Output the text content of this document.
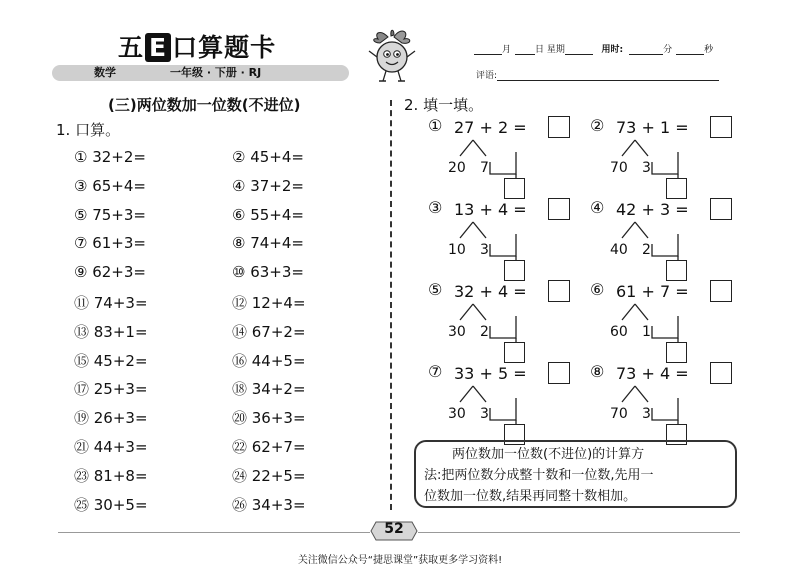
五 E 口算题卡
数学	一年级 · 下册 · RJ
月	日 星期	用时:	分	秒
评语:
(三)两位数加一位数(不进位)
1. 口算。
2. 填一填。
① 32+2=	② 45+4=
③ 65+4=	④ 37+2=
⑤ 75+3=	⑥ 55+4=
⑦ 61+3=	⑧ 74+4=
⑨ 62+3=	⑩ 63+3=
⑪ 74+3=	⑫ 12+4=
⑬ 83+1=	⑭ 67+2=
⑮ 45+2=	⑯ 44+5=
⑰ 25+3=	⑱ 34+2=
⑲ 26+3=	⑳ 36+3=
㉑ 44+3=	㉒ 62+7=
㉓ 81+8=	㉔ 22+5=
㉕ 30+5=	㉖ 34+3=
① 27 + 2 =
20 7
② 73 + 1 =
70 3
③ 13 + 4 =
10 3
④ 42 + 3 =
40 2
⑤ 32 + 4 =
30 2
⑥ 61 + 7 =
60 1
⑦ 33 + 5 =
30 3
⑧ 73 + 4 =
70 3
两位数加一位数(不进位)的计算方
法:把两位数分成整十数和一位数,先用一
位数加一位数,结果再同整十数相加。
52
关注微信公众号“捷思课堂”获取更多学习资料!
